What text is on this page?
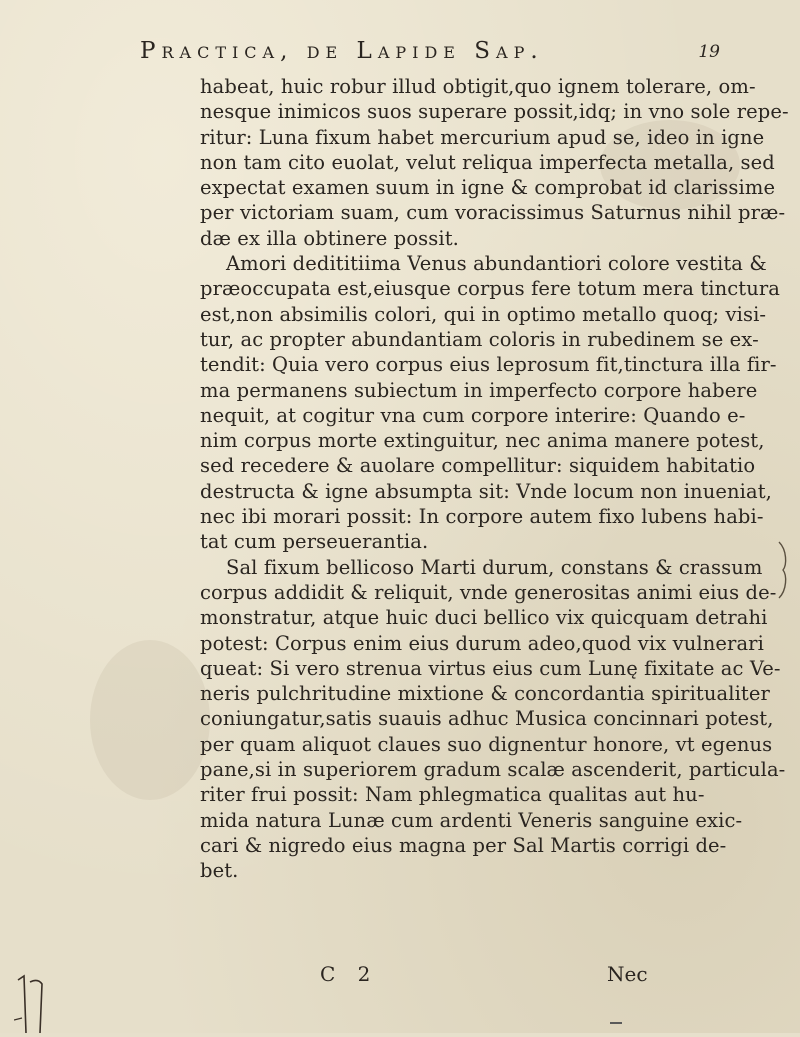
Practica, de Lapide Sap.	19
habeat, huic robur illud obtigit,quo ignem tolerare, om-
nesque inimicos suos superare possit,idq; in vno sole repe-
ritur: Luna fixum habet mercurium apud se, ideo in igne
non tam cito euolat, velut reliqua imperfecta metalla, sed
expectat examen suum in igne & comprobat id clarissime
per victoriam suam, cum voracissimus Saturnus nihil præ-
dæ ex illa obtinere possit.
Amori dedititiima Venus abundantiori colore vestita &
præoccupata est,eiusque corpus fere totum mera tinctura
est,non absimilis colori, qui in optimo metallo quoq; visi-
tur, ac propter abundantiam coloris in rubedinem se ex-
tendit: Quia vero corpus eius leprosum fit,tinctura illa fir-
ma permanens subiectum in imperfecto corpore habere
nequit, at cogitur vna cum corpore interire: Quando e-
nim corpus morte extinguitur, nec anima manere potest,
sed recedere & auolare compellitur: siquidem habitatio
destructa & igne absumpta sit: Vnde locum non inueniat,
nec ibi morari possit: In corpore autem fixo lubens habi-
tat cum perseuerantia.
Sal fixum bellicoso Marti durum, constans & crassum
corpus addidit & reliquit, vnde generositas animi eius de-
monstratur, atque huic duci bellico vix quicquam detrahi
potest: Corpus enim eius durum adeo,quod vix vulnerari
queat: Si vero strenua virtus eius cum Lunę fixitate ac Ve-
neris pulchritudine mixtione & concordantia spiritualiter
coniungatur,satis suauis adhuc Musica concinnari potest,
per quam aliquot claues suo dignentur honore, vt egenus
pane,si in superiorem gradum scalæ ascenderit, particula-
riter frui possit: Nam phlegmatica qualitas aut hu-
mida natura Lunæ cum ardenti Veneris sanguine exic-
cari & nigredo eius magna per Sal Martis corrigi de-
bet.
C 2	Nec
